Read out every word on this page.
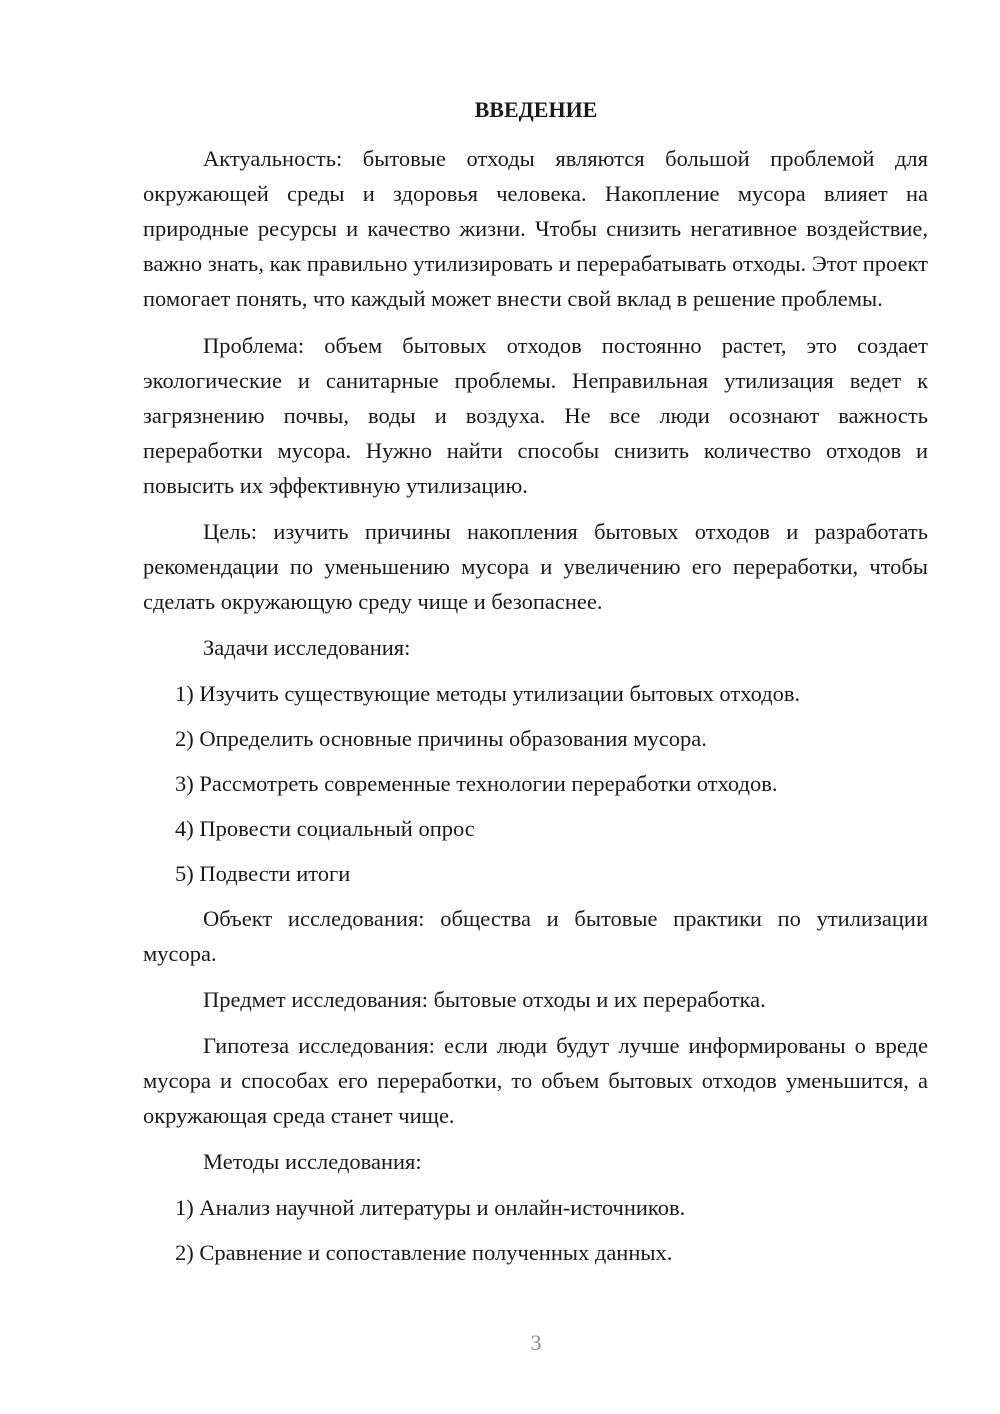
ВВЕДЕНИЕ

Актуальность: бытовые отходы являются большой проблемой для окружающей среды и здоровья человека. Накопление мусора влияет на природные ресурсы и качество жизни. Чтобы снизить негативное воздействие, важно знать, как правильно утилизировать и перерабатывать отходы. Этот проект помогает понять, что каждый может внести свой вклад в решение проблемы.

Проблема: объем бытовых отходов постоянно растет, это создает экологические и санитарные проблемы. Неправильная утилизация ведет к загрязнению почвы, воды и воздуха. Не все люди осознают важность переработки мусора. Нужно найти способы снизить количество отходов и повысить их эффективную утилизацию.

Цель: изучить причины накопления бытовых отходов и разработать рекомендации по уменьшению мусора и увеличению его переработки, чтобы сделать окружающую среду чище и безопаснее.

Задачи исследования:

1) Изучить существующие методы утилизации бытовых отходов.

2) Определить основные причины образования мусора.

3) Рассмотреть современные технологии переработки отходов.

4) Провести социальный опрос

5) Подвести итоги

Объект исследования: общества и бытовые практики по утилизации мусора.

Предмет исследования: бытовые отходы и их переработка.

Гипотеза исследования: если люди будут лучше информированы о вреде мусора и способах его переработки, то объем бытовых отходов уменьшится, а окружающая среда станет чище.

Методы исследования:

1) Анализ научной литературы и онлайн-источников.

2) Сравнение и сопоставление полученных данных.

3
